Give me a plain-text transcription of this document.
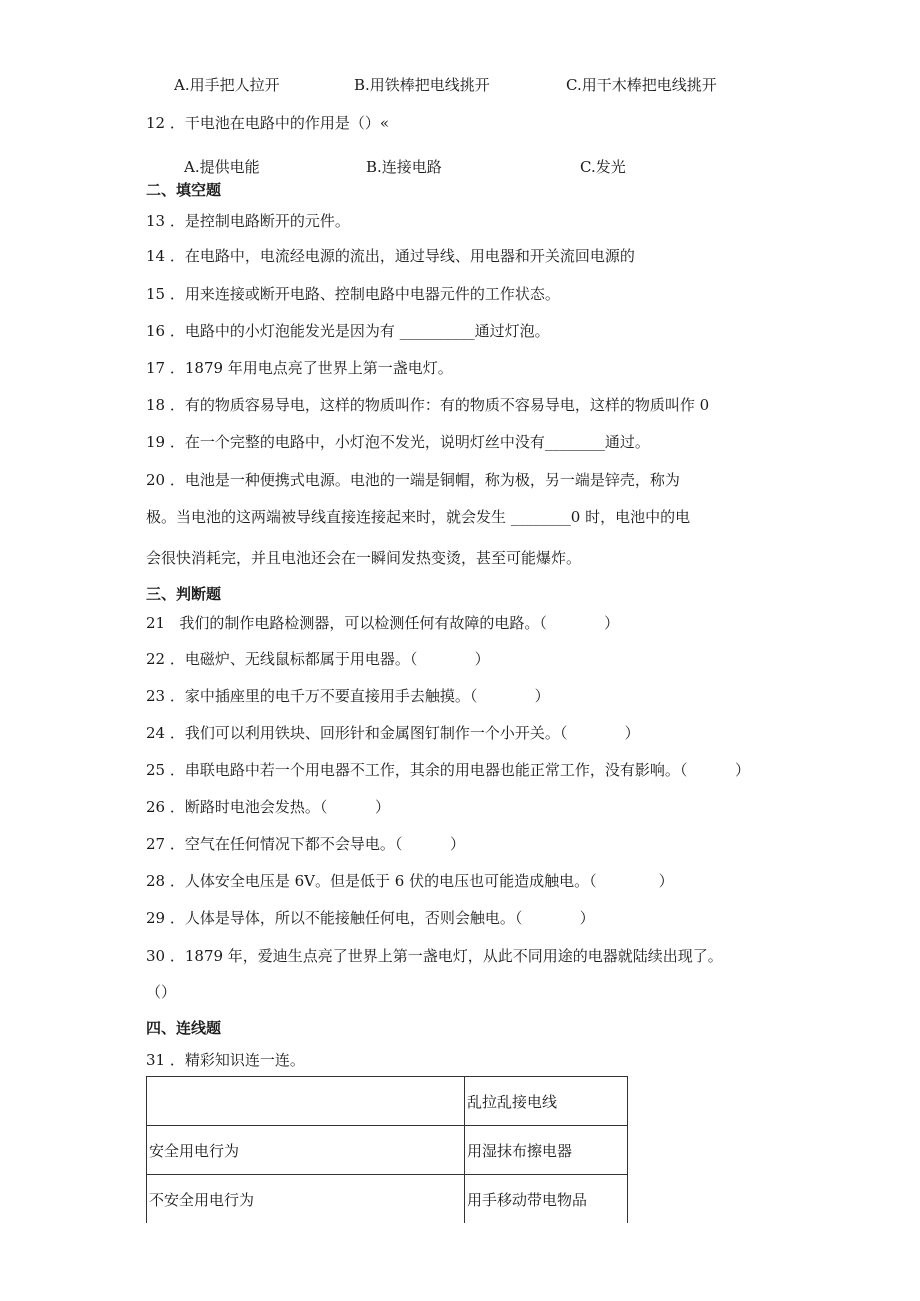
A.用手把人拉开	B.用铁棒把电线挑开	C.用干木棒把电线挑开
12 ．干电池在电路中的作用是（）«
A.提供电能	B.连接电路	C.发光
二、填空题
13 ．是控制电路断开的元件。
14 ．在电路中，电流经电源的流出，通过导线、用电器和开关流回电源的
15 ．用来连接或断开电路、控制电路中电器元件的工作状态。
16 ．电路中的小灯泡能发光是因为有 __________通过灯泡。
17 ．1879 年用电点亮了世界上第一盏电灯。
18 ．有的物质容易导电，这样的物质叫作：有的物质不容易导电，这样的物质叫作 0
19 ．在一个完整的电路中，小灯泡不发光，说明灯丝中没有________通过。
20 ．电池是一种便携式电源。电池的一端是铜帽，称为极，另一端是锌壳，称为
极。当电池的这两端被导线直接连接起来时，就会发生 ________0 时，电池中的电
会很快消耗完，并且电池还会在一瞬间发热变烫，甚至可能爆炸。
三、判断题
21   我们的制作电路检测器，可以检测任何有故障的电路。（            ）
22 ．电磁炉、无线鼠标都属于用电器。（            ）
23 ．家中插座里的电千万不要直接用手去触摸。（            ）
24 ．我们可以利用铁块、回形针和金属图钉制作一个小开关。（            ）
25 ．串联电路中若一个用电器不工作，其余的用电器也能正常工作，没有影响。（          ）
26 ．断路时电池会发热。（          ）
27 ．空气在任何情况下都不会导电。（          ）
28 ．人体安全电压是 6V。但是低于 6 伏的电压也可能造成触电。（             ）
29 ．人体是导体，所以不能接触任何电，否则会触电。（            ）
30 ．1879 年，爱迪生点亮了世界上第一盏电灯，从此不同用途的电器就陆续出现了。
（）
四、连线题
31 ．精彩知识连一连。
	乱拉乱接电线
安全用电行为	用湿抹布擦电器
不安全用电行为	用手移动带电物品
